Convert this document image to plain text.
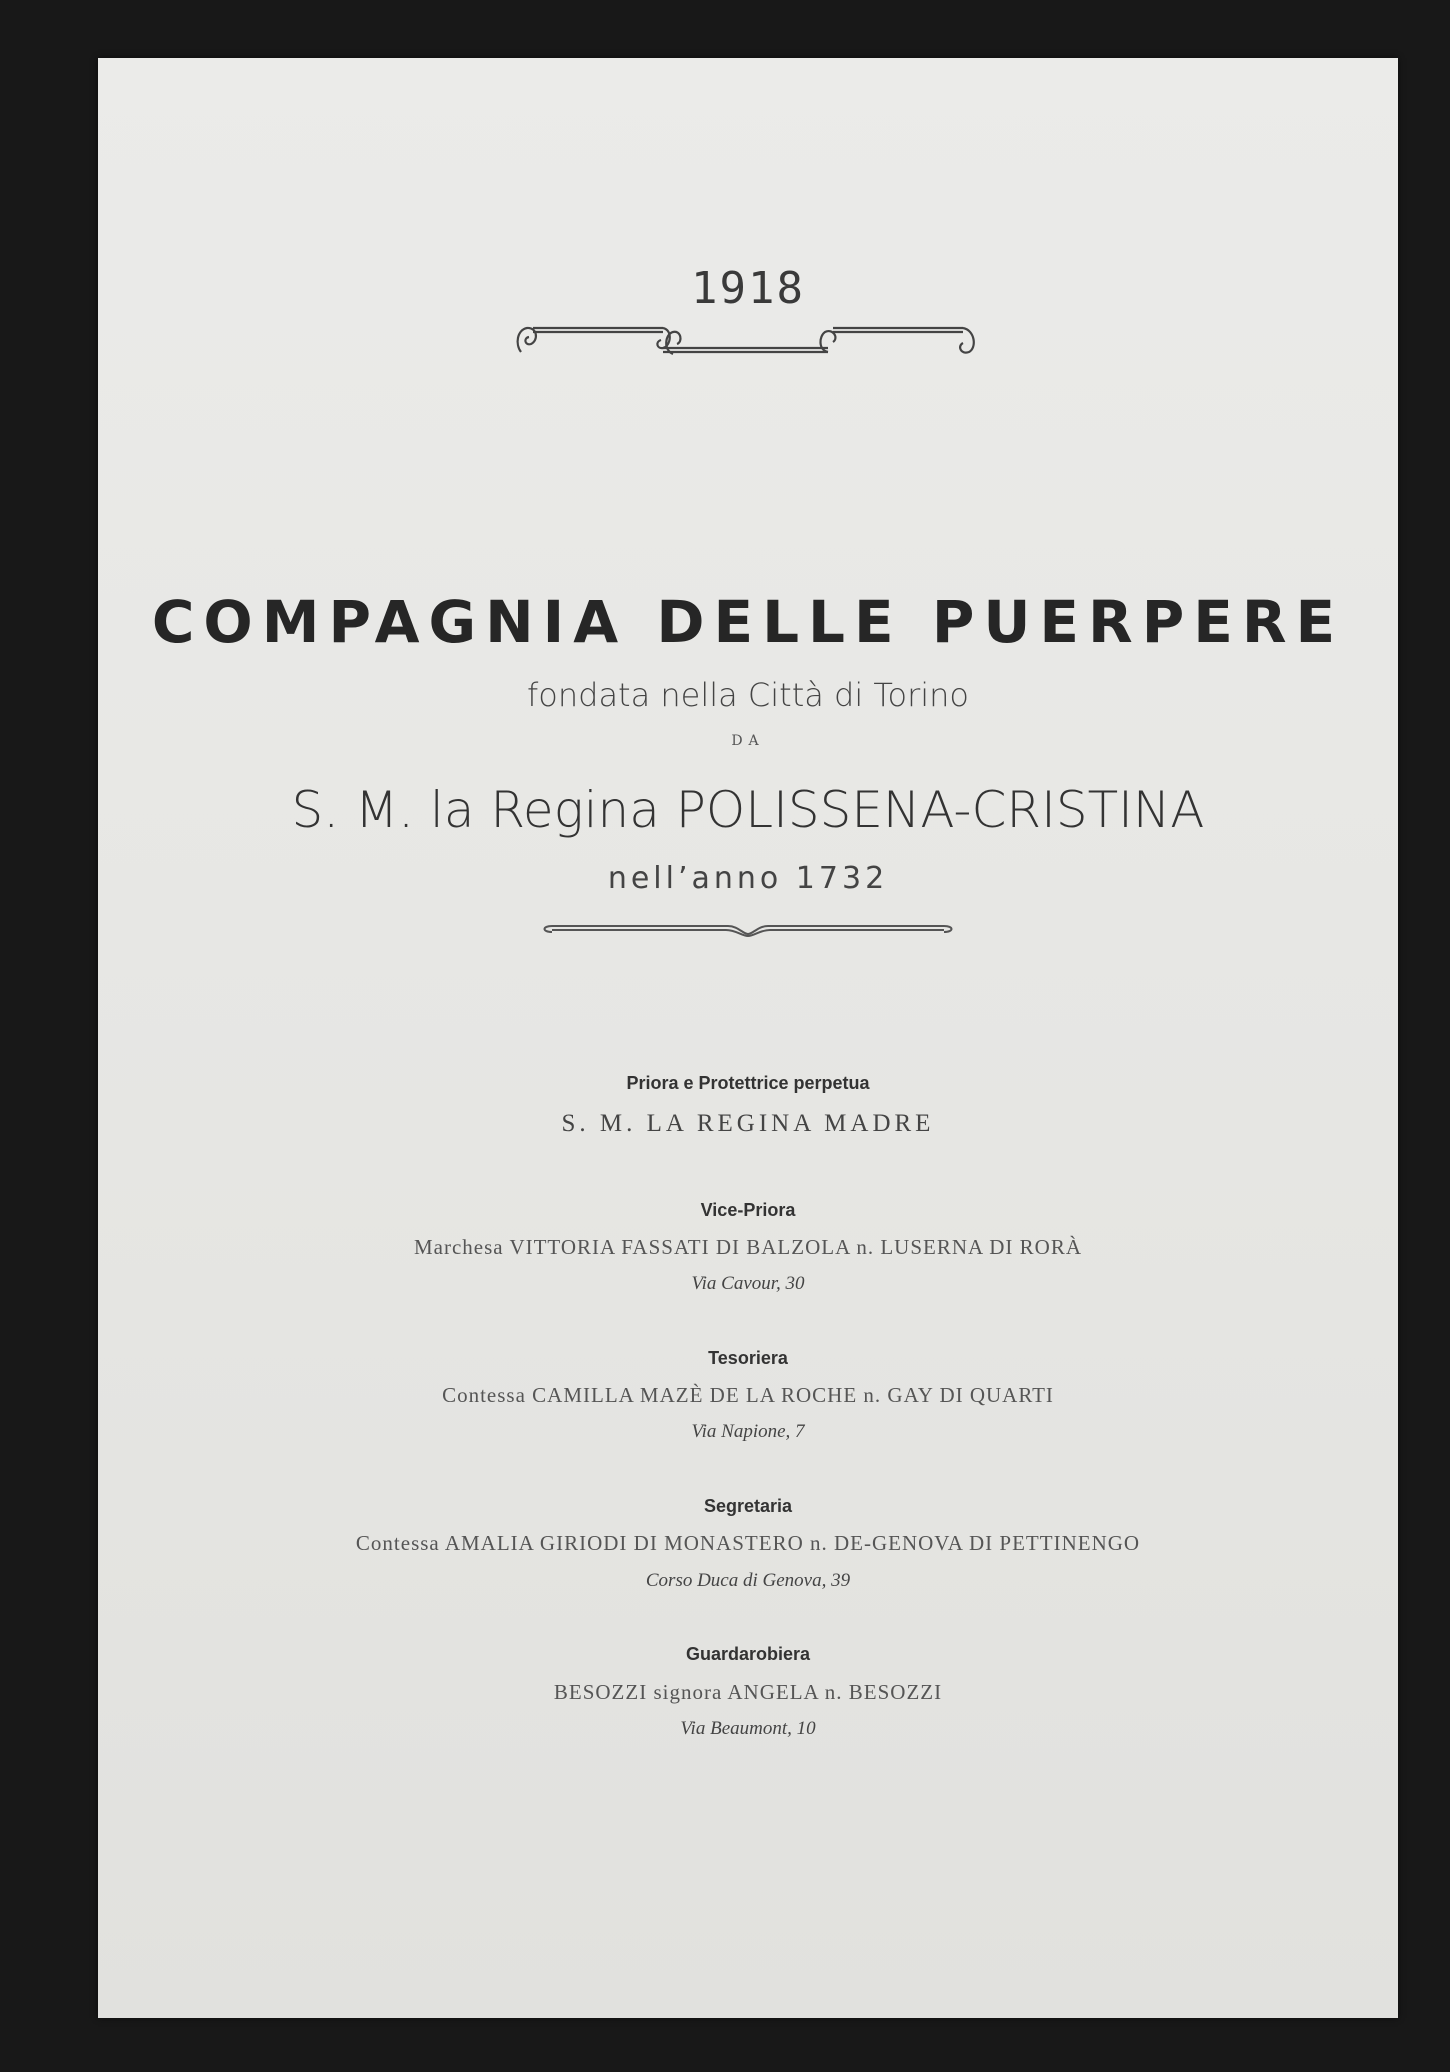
1918
COMPAGNIA DELLE PUERPERE
fondata nella Città di Torino
DA
S. M. la Regina POLISSENA-CRISTINA
nell’anno 1732
Priora e Protettrice perpetua
S. M. LA REGINA MADRE
Vice-Priora
Marchesa VITTORIA FASSATI DI BALZOLA n. LUSERNA DI RORÀ
Via Cavour, 30
Tesoriera
Contessa CAMILLA MAZÈ DE LA ROCHE n. GAY DI QUARTI
Via Napione, 7
Segretaria
Contessa AMALIA GIRIODI DI MONASTERO n. DE-GENOVA DI PETTINENGO
Corso Duca di Genova, 39
Guardarobiera
BESOZZI signora ANGELA n. BESOZZI
Via Beaumont, 10
